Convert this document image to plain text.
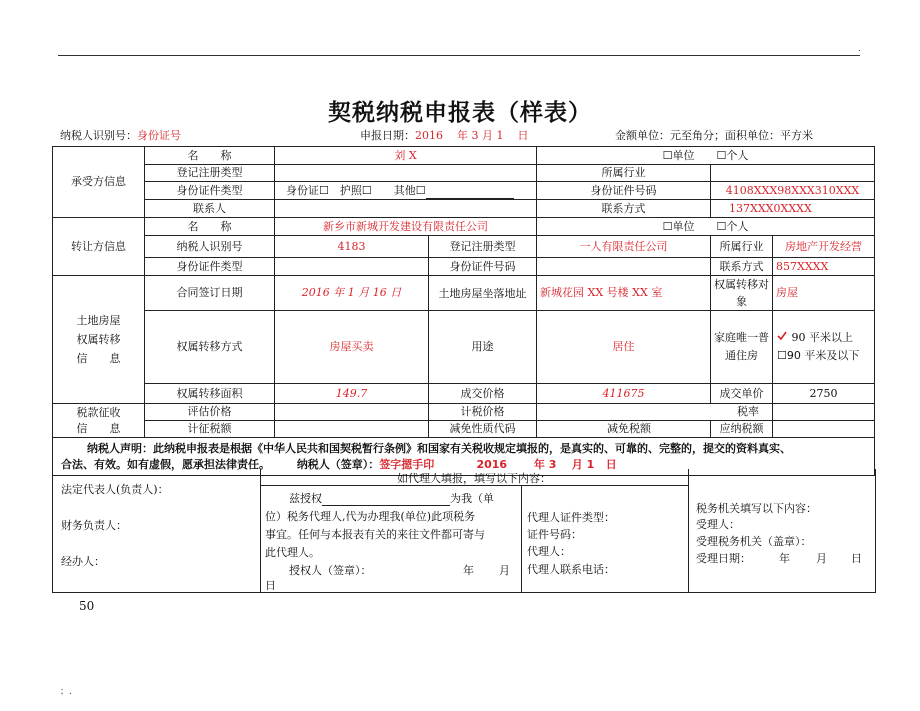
.
契税纳税申报表（样表）
纳税人识别号：身份证号	申报日期：2016 年 3 月 1 日	金额单位：元至角分；面积单位：平方米
承受方信息	名　　称	刘 X		☐单位　　☐个人		
	登记注册类型			所属行业		
	身份证件类型	身份证☐　护照☐　　其他☐		身份证件号码	4108XXX98XXX310XXX	
	联系人			联系方式	137XXX0XXXX	
转让方信息	名　　称	新乡市新城开发建设有限责任公司		☐单位　　☐个人		
	纳税人识别号	4183	登记注册类型	一人有限责任公司	所属行业	房地产开发经营
	身份证件类型		身份证件号码		联系方式	857XXXX

土地房屋
权属转移
信　　息	合同签订日期	2016 年 1 月 16 日	土地房屋坐落地址	新城花园 XX 号楼 XX 室	权属转移对象	房屋
	权属转移方式	房屋买卖	用途	居住	家庭唯一普通住房	90 平米以上
☐90 平米及以下

	权属转移面积	149.7	成交价格	411675	成交单价	2750

税款征收
信　　息	评估价格		计税价格			税率
	计征税额		减免性质代码	减免税额	应纳税额	

纳税人声明：此纳税申报表是根据《中华人民共和国契税暂行条例》和国家有关税收规定填报的，是真实的、可靠的、完整的，提交的资料真实、
合法、有效。如有虚假，愿承担法律责任。 纳税人（签章）：签字摁手印 2016 年 3 月 1 日						
法定代表人(负责人)：
财务负责人：
经办人：
如代理人填报，填写以下内容：
兹授权	为我（单
位）税务代理人,代为办理我(单位)此项税务
事宜。任何与本报表有关的来往文件都可寄与
此代理人。
授权人（签章）：	年 月
日
代理人证件类型：
证件号码：
代理人：
代理人联系电话：
税务机关填写以下内容：
受理人：
受理税务机关（盖章）：
受理日期：	年 月 日
50
；.
